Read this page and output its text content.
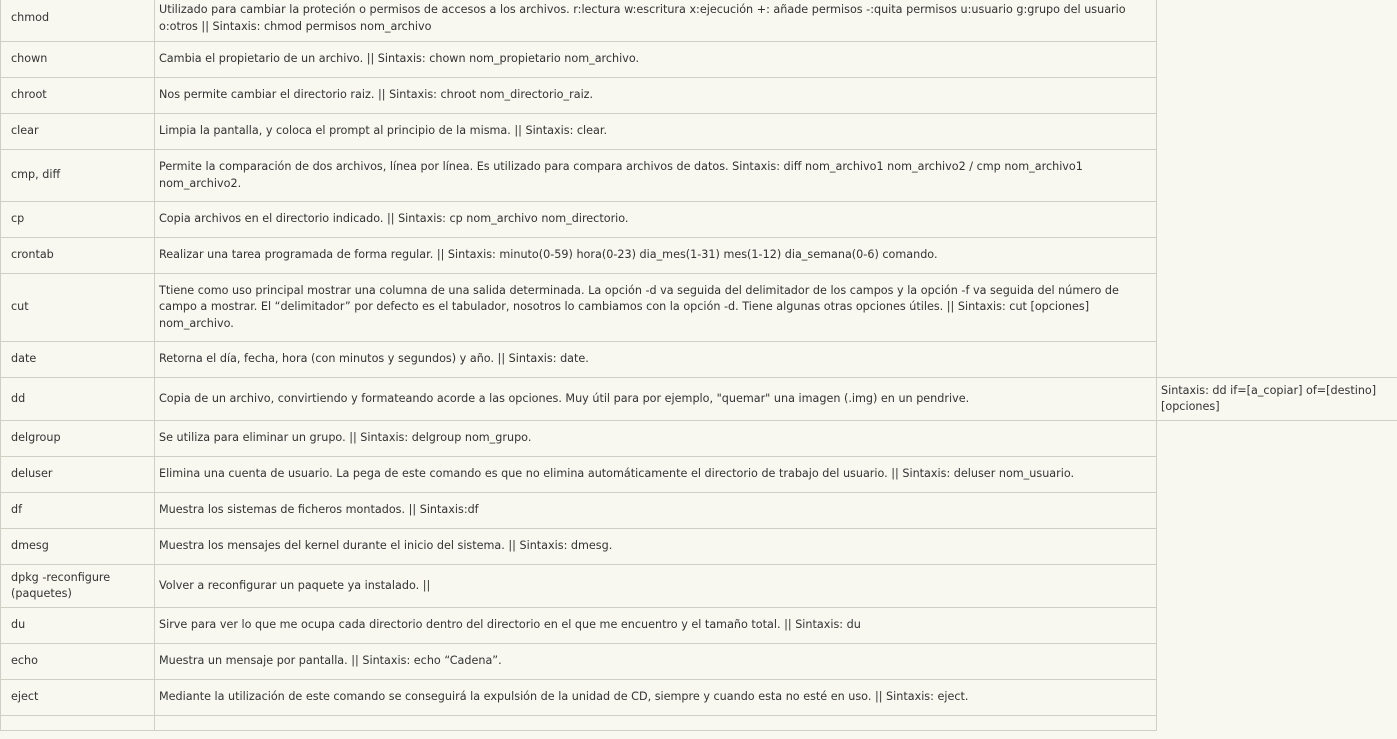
chmod	Utilizado para cambiar la proteción o permisos de accesos a los archivos. r:lectura w:escritura x:ejecución +: añade permisos -:quita permisos u:usuario g:grupo del usuario o:otros || Sintaxis: chmod permisos nom_archivo	
chown	Cambia el propietario de un archivo. || Sintaxis: chown nom_propietario nom_archivo.	
chroot	Nos permite cambiar el directorio raiz. || Sintaxis: chroot nom_directorio_raiz.	
clear	Limpia la pantalla, y coloca el prompt al principio de la misma. || Sintaxis: clear.	
cmp, diff	Permite la comparación de dos archivos, línea por línea. Es utilizado para compara archivos de datos. Sintaxis: diff nom_archivo1 nom_archivo2 / cmp nom_archivo1 nom_archivo2.	
cp	Copia archivos en el directorio indicado. || Sintaxis: cp nom_archivo nom_directorio.	
crontab	Realizar una tarea programada de forma regular. || Sintaxis: minuto(0-59) hora(0-23) dia_mes(1-31) mes(1-12) dia_semana(0-6) comando.	
cut	Ttiene como uso principal mostrar una columna de una salida determinada. La opción -d va seguida del delimitador de los campos y la opción -f va seguida del número de campo a mostrar. El “delimitador” por defecto es el tabulador, nosotros lo cambiamos con la opción -d. Tiene algunas otras opciones útiles. || Sintaxis: cut [opciones] nom_archivo.	
date	Retorna el día, fecha, hora (con minutos y segundos) y año. || Sintaxis: date.	
dd	Copia de un archivo, convirtiendo y formateando acorde a las opciones. Muy útil para por ejemplo, "quemar" una imagen (.img) en un pendrive.	Sintaxis: dd if=[a_copiar] of=[destino] [opciones]
delgroup	Se utiliza para eliminar un grupo. || Sintaxis: delgroup nom_grupo.	
deluser	Elimina una cuenta de usuario. La pega de este comando es que no elimina automáticamente el directorio de trabajo del usuario. || Sintaxis: deluser nom_usuario.	
df	Muestra los sistemas de ficheros montados. || Sintaxis:df	
dmesg	Muestra los mensajes del kernel durante el inicio del sistema. || Sintaxis: dmesg.	
dpkg -reconfigure (paquetes)	Volver a reconfigurar un paquete ya instalado. ||	
du	Sirve para ver lo que me ocupa cada directorio dentro del directorio en el que me encuentro y el tamaño total. || Sintaxis: du	
echo	Muestra un mensaje por pantalla. || Sintaxis: echo “Cadena”.	
eject	Mediante la utilización de este comando se conseguirá la expulsión de la unidad de CD, siempre y cuando esta no esté en uso. || Sintaxis: eject.	
